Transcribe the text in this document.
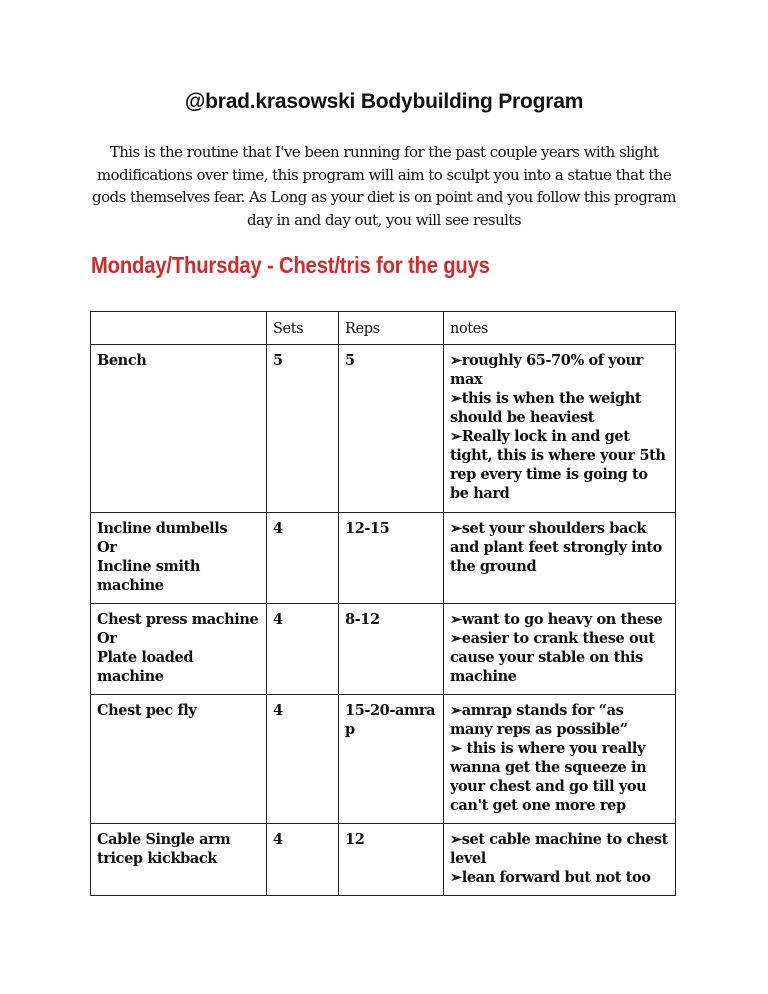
@brad.krasowski Bodybuilding Program
This is the routine that I've been running for the past couple years with slight modifications over time, this program will aim to sculpt you into a statue that the gods themselves fear. As Long as your diet is on point and you follow this program day in and day out, you will see results
Monday/Thursday - Chest/tris for the guys
	Sets	Reps	notes

Bench	5	5	➢roughly 65-70% of your max
➢this is when the weight should be heaviest
➢Really lock in and get tight, this is where your 5th rep every time is going to be hard

Incline dumbells
Or
Incline smith machine	4	12-15	➢set your shoulders back and plant feet strongly into the ground

Chest press machine
Or
Plate loaded machine	4	8-12	➢want to go heavy on these
➢easier to crank these out cause your stable on this machine

Chest pec fly	4	15-20-amrap	➢amrap stands for “as many reps as possible”
➢ this is where you really wanna get the squeeze in your chest and go till you can't get one more rep

Cable Single arm tricep kickback	4	12	➢set cable machine to chest level
➢lean forward but not too
